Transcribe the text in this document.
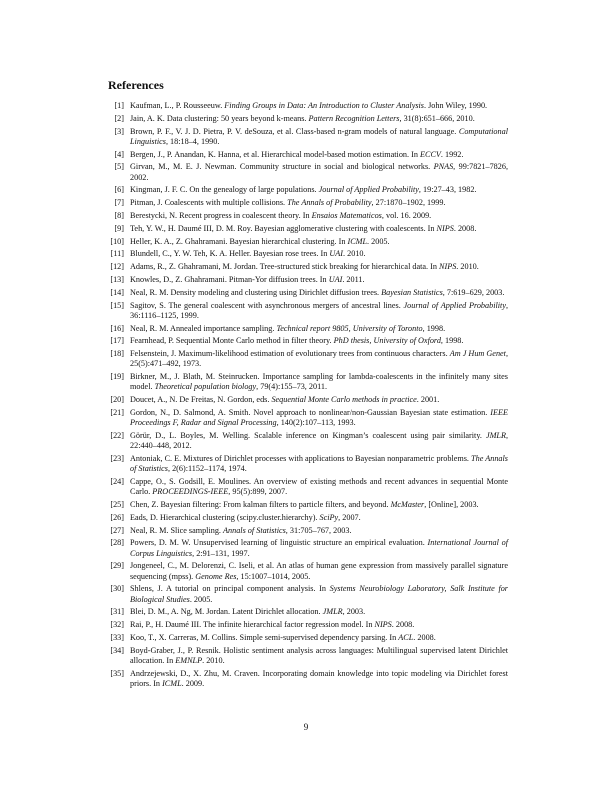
References
[1] Kaufman, L., P. Rousseeuw. Finding Groups in Data: An Introduction to Cluster Analysis. John Wiley, 1990.
[2] Jain, A. K. Data clustering: 50 years beyond k-means. Pattern Recognition Letters, 31(8):651–666, 2010.
[3] Brown, P. F., V. J. D. Pietra, P. V. deSouza, et al. Class-based n-gram models of natural language. Computational Linguistics, 18:18–4, 1990.
[4] Bergen, J., P. Anandan, K. Hanna, et al. Hierarchical model-based motion estimation. In ECCV. 1992.
[5] Girvan, M., M. E. J. Newman. Community structure in social and biological networks. PNAS, 99:7821–7826, 2002.
[6] Kingman, J. F. C. On the genealogy of large populations. Journal of Applied Probability, 19:27–43, 1982.
[7] Pitman, J. Coalescents with multiple collisions. The Annals of Probability, 27:1870–1902, 1999.
[8] Berestycki, N. Recent progress in coalescent theory. In Ensaios Matematicos, vol. 16. 2009.
[9] Teh, Y. W., H. Daumé III, D. M. Roy. Bayesian agglomerative clustering with coalescents. In NIPS. 2008.
[10] Heller, K. A., Z. Ghahramani. Bayesian hierarchical clustering. In ICML. 2005.
[11] Blundell, C., Y. W. Teh, K. A. Heller. Bayesian rose trees. In UAI. 2010.
[12] Adams, R., Z. Ghahramani, M. Jordan. Tree-structured stick breaking for hierarchical data. In NIPS. 2010.
[13] Knowles, D., Z. Ghahramani. Pitman-Yor diffusion trees. In UAI. 2011.
[14] Neal, R. M. Density modeling and clustering using Dirichlet diffusion trees. Bayesian Statistics, 7:619–629, 2003.
[15] Sagitov, S. The general coalescent with asynchronous mergers of ancestral lines. Journal of Applied Probability, 36:1116–1125, 1999.
[16] Neal, R. M. Annealed importance sampling. Technical report 9805, University of Toronto, 1998.
[17] Fearnhead, P. Sequential Monte Carlo method in filter theory. PhD thesis, University of Oxford, 1998.
[18] Felsenstein, J. Maximum-likelihood estimation of evolutionary trees from continuous characters. Am J Hum Genet, 25(5):471–492, 1973.
[19] Birkner, M., J. Blath, M. Steinrucken. Importance sampling for lambda-coalescents in the infinitely many sites model. Theoretical population biology, 79(4):155–73, 2011.
[20] Doucet, A., N. De Freitas, N. Gordon, eds. Sequential Monte Carlo methods in practice. 2001.
[21] Gordon, N., D. Salmond, A. Smith. Novel approach to nonlinear/non-Gaussian Bayesian state estimation. IEEE Proceedings F, Radar and Signal Processing, 140(2):107–113, 1993.
[22] Görür, D., L. Boyles, M. Welling. Scalable inference on Kingman’s coalescent using pair similarity. JMLR, 22:440–448, 2012.
[23] Antoniak, C. E. Mixtures of Dirichlet processes with applications to Bayesian nonparametric problems. The Annals of Statistics, 2(6):1152–1174, 1974.
[24] Cappe, O., S. Godsill, E. Moulines. An overview of existing methods and recent advances in sequential Monte Carlo. PROCEEDINGS-IEEE, 95(5):899, 2007.
[25] Chen, Z. Bayesian filtering: From kalman filters to particle filters, and beyond. McMaster, [Online], 2003.
[26] Eads, D. Hierarchical clustering (scipy.cluster.hierarchy). SciPy, 2007.
[27] Neal, R. M. Slice sampling. Annals of Statistics, 31:705–767, 2003.
[28] Powers, D. M. W. Unsupervised learning of linguistic structure an empirical evaluation. International Journal of Corpus Linguistics, 2:91–131, 1997.
[29] Jongeneel, C., M. Delorenzi, C. Iseli, et al. An atlas of human gene expression from massively parallel signature sequencing (mpss). Genome Res, 15:1007–1014, 2005.
[30] Shlens, J. A tutorial on principal component analysis. In Systems Neurobiology Laboratory, Salk Institute for Biological Studies. 2005.
[31] Blei, D. M., A. Ng, M. Jordan. Latent Dirichlet allocation. JMLR, 2003.
[32] Rai, P., H. Daumé III. The infinite hierarchical factor regression model. In NIPS. 2008.
[33] Koo, T., X. Carreras, M. Collins. Simple semi-supervised dependency parsing. In ACL. 2008.
[34] Boyd-Graber, J., P. Resnik. Holistic sentiment analysis across languages: Multilingual supervised latent Dirichlet allocation. In EMNLP. 2010.
[35] Andrzejewski, D., X. Zhu, M. Craven. Incorporating domain knowledge into topic modeling via Dirichlet forest priors. In ICML. 2009.
9
